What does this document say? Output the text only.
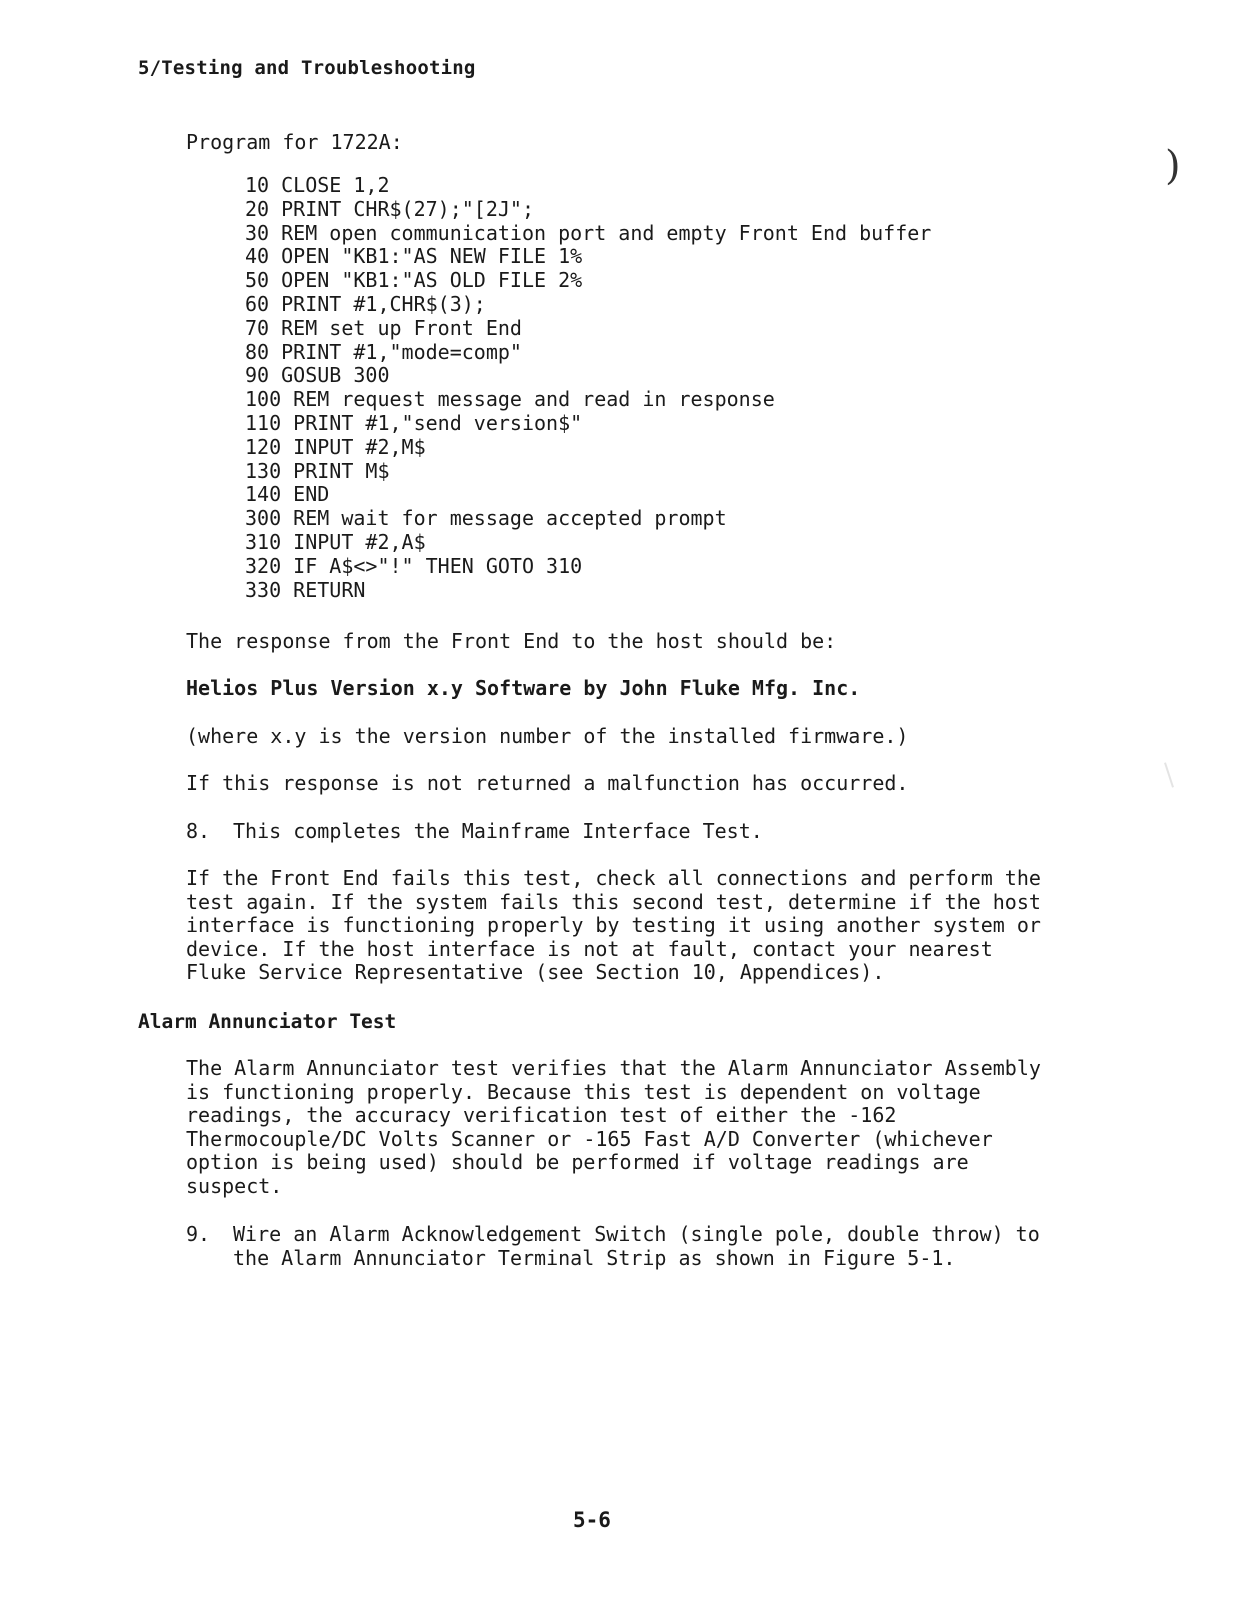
5/Testing and Troubleshooting
Program for 1722A:
)
10 CLOSE 1,2
20 PRINT CHR$(27);"[2J";
30 REM open communication port and empty Front End buffer
40 OPEN "KB1:"AS NEW FILE 1%
50 OPEN "KB1:"AS OLD FILE 2%
60 PRINT #1,CHR$(3);
70 REM set up Front End
80 PRINT #1,"mode=comp"
90 GOSUB 300
100 REM request message and read in response
110 PRINT #1,"send version$"
120 INPUT #2,M$
130 PRINT M$
140 END
300 REM wait for message accepted prompt
310 INPUT #2,A$
320 IF A$<>"!" THEN GOTO 310
330 RETURN
The response from the Front End to the host should be:
Helios Plus Version x.y Software by John Fluke Mfg. Inc.
(where x.y is the version number of the installed firmware.)
If this response is not returned a malfunction has occurred.
8. This completes the Mainframe Interface Test.
If the Front End fails this test, check all connections and perform the
test again. If the system fails this second test, determine if the host
interface is functioning properly by testing it using another system or
device. If the host interface is not at fault, contact your nearest
Fluke Service Representative (see Section 10, Appendices).
Alarm Annunciator Test
The Alarm Annunciator test verifies that the Alarm Annunciator Assembly
is functioning properly. Because this test is dependent on voltage
readings, the accuracy verification test of either the -162
Thermocouple/DC Volts Scanner or -165 Fast A/D Converter (whichever
option is being used) should be performed if voltage readings are
suspect.
9. Wire an Alarm Acknowledgement Switch (single pole, double throw) to
the Alarm Annunciator Terminal Strip as shown in Figure 5-1.
5-6
